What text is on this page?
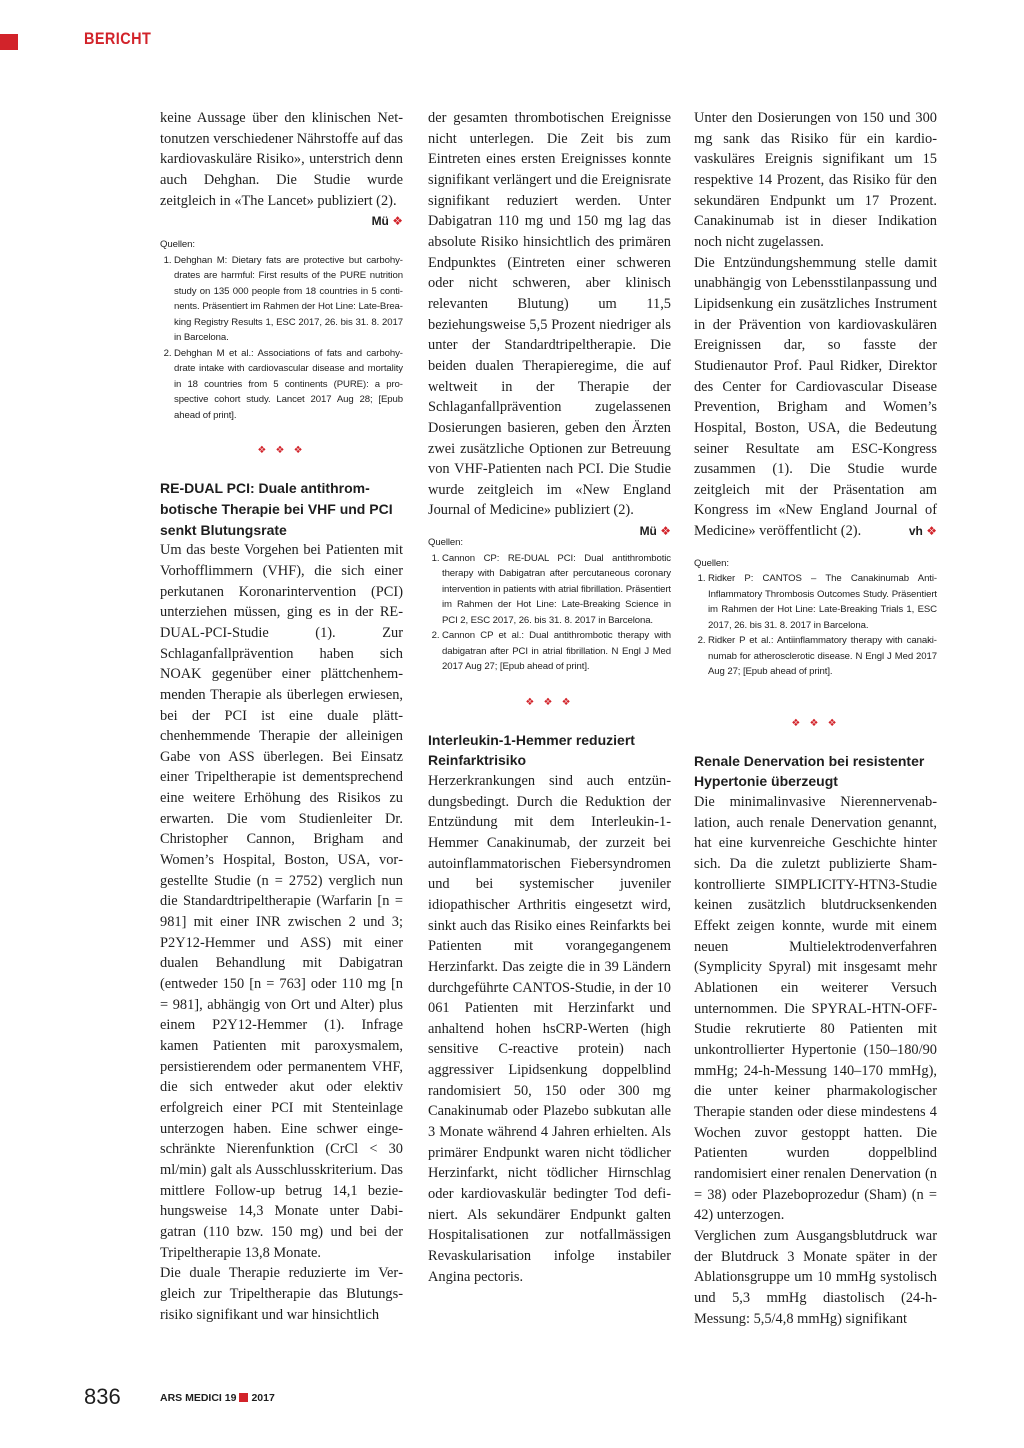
BERICHT

keine Aussage über den klinischen Nettonutzen verschiedener Nährstoffe auf das kardiovaskuläre Risiko», unterstrich denn auch Dehghan. Die Studie wurde zeitgleich in «The Lancet» publiziert (2).
Mü ❖

Quellen:

1. Dehghan M: Dietary fats are protective but carbohydrates are harmful: First results of the PURE nutrition study on 135 000 people from 18 countries in 5 continents. Präsentiert im Rahmen der Hot Line: Late-Breaking Registry Results 1, ESC 2017, 26. bis 31. 8. 2017 in Barcelona.
2. Dehghan M et al.: Associations of fats and carbohydrate intake with cardiovascular disease and mortality in 18 countries from 5 continents (PURE): a prospective cohort study. Lancet 2017 Aug 28; [Epub ahead of print].

❖ ❖ ❖

RE-DUAL PCI: Duale antithrombotische Therapie bei VHF und PCI senkt Blutungsrate

Um das beste Vorgehen bei Patienten mit Vorhofflimmern (VHF), die sich einer perkutanen Koronarintervention (PCI) unterziehen müssen, ging es in der RE-DUAL-PCI-Studie (1). Zur Schlaganfallprävention haben sich NOAK gegenüber einer plättchenhemmenden Therapie als überlegen erwiesen, bei der PCI ist eine duale plättchenhemmende Therapie der alleinigen Gabe von ASS überlegen. Bei Einsatz einer Tripeltherapie ist dementsprechend eine weitere Erhöhung des Risikos zu erwarten. Die vom Studienleiter Dr. Christopher Cannon, Brigham and Women’s Hospital, Boston, USA, vorgestellte Studie (n = 2752) verglich nun die Standardtripeltherapie (Warfarin [n = 981] mit einer INR zwischen 2 und 3; P2Y12-Hemmer und ASS) mit einer dualen Behandlung mit Dabigatran (entweder 150 [n = 763] oder 110 mg [n = 981], abhängig von Ort und Alter) plus einem P2Y12-Hemmer (1). Infrage kamen Patienten mit paroxysmalem, persistierendem oder permanentem VHF, die sich entweder akut oder elektiv erfolgreich einer PCI mit Stenteinlage unterzogen haben. Eine schwer eingeschränkte Nierenfunktion (CrCl < 30 ml/min) galt als Ausschlusskriterium. Das mittlere Follow-up betrug 14,1 beziehungsweise 14,3 Monate unter Dabigatran (110 bzw. 150 mg) und bei der Tripeltherapie 13,8 Monate.

Die duale Therapie reduzierte im Vergleich zur Tripeltherapie das Blutungsrisiko signifikant und war hinsichtlich

der gesamten thrombotischen Ereignisse nicht unterlegen. Die Zeit bis zum Eintreten eines ersten Ereignisses konnte signifikant verlängert und die Ereignisrate signifikant reduziert werden. Unter Dabigatran 110 mg und 150 mg lag das absolute Risiko hinsichtlich des primären Endpunktes (Eintreten einer schweren oder nicht schweren, aber klinisch relevanten Blutung) um 11,5 beziehungsweise 5,5 Prozent niedriger als unter der Standardtripeltherapie. Die beiden dualen Therapieregime, die auf weltweit in der Therapie der Schlaganfallprävention zugelassenen Dosierungen basieren, geben den Ärzten zwei zusätzliche Optionen zur Betreuung von VHF-Patienten nach PCI. Die Studie wurde zeitgleich im «New England Journal of Medicine» publiziert (2).
Mü ❖

Quellen:

1. Cannon CP: RE-DUAL PCI: Dual antithrombotic therapy with Dabigatran after percutaneous coronary intervention in patients with atrial fibrillation. Präsentiert im Rahmen der Hot Line: Late-Breaking Science in PCI 2, ESC 2017, 26. bis 31. 8. 2017 in Barcelona.
2. Cannon CP et al.: Dual antithrombotic therapy with dabigatran after PCI in atrial fibrillation. N Engl J Med 2017 Aug 27; [Epub ahead of print].

❖ ❖ ❖

Interleukin-1-Hemmer reduziert Reinfarktrisiko

Herzerkrankungen sind auch entzündungsbedingt. Durch die Reduktion der Entzündung mit dem Interleukin-1-Hemmer Canakinumab, der zurzeit bei autoinflammatorischen Fiebersyndromen und bei systemischer juveniler idiopathischer Arthritis eingesetzt wird, sinkt auch das Risiko eines Reinfarkts bei Patienten mit vorangegangenem Herzinfarkt. Das zeigte die in 39 Ländern durchgeführte CANTOS-Studie, in der 10 061 Patienten mit Herzinfarkt und anhaltend hohen hsCRP-Werten (high sensitive C-reactive protein) nach aggressiver Lipidsenkung doppelblind randomisiert 50, 150 oder 300 mg Canakinumab oder Plazebo subkutan alle 3 Monate während 4 Jahren erhielten. Als primärer Endpunkt waren nicht tödlicher Herzinfarkt, nicht tödlicher Hirnschlag oder kardiovaskulär bedingter Tod definiert. Als sekundärer Endpunkt galten Hospitalisationen zur notfallmässigen Revaskularisation infolge instabiler Angina pectoris.

Unter den Dosierungen von 150 und 300 mg sank das Risiko für ein kardiovaskuläres Ereignis signifikant um 15 respektive 14 Prozent, das Risiko für den sekundären Endpunkt um 17 Prozent. Canakinumab ist in dieser Indikation noch nicht zugelassen.

Die Entzündungshemmung stelle damit unabhängig von Lebensstilanpassung und Lipidsenkung ein zusätzliches Instrument in der Prävention von kardiovaskulären Ereignissen dar, so fasste der Studienautor Prof. Paul Ridker, Direktor des Center for Cardiovascular Disease Prevention, Brigham and Women’s Hospital, Boston, USA, die Bedeutung seiner Resultate am ESC-Kongress zusammen (1). Die Studie wurde zeitgleich mit der Präsentation am Kongress im «New England Journal of Medicine» veröffentlicht (2).	vh ❖

Quellen:

1. Ridker P: CANTOS – The Canakinumab Anti-Inflammatory Thrombosis Outcomes Study. Präsentiert im Rahmen der Hot Line: Late-Breaking Trials 1, ESC 2017, 26. bis 31. 8. 2017 in Barcelona.
2. Ridker P et al.: Antiinflammatory therapy with canakinumab for atherosclerotic disease. N Engl J Med 2017 Aug 27; [Epub ahead of print].

❖ ❖ ❖

Renale Denervation bei resistenter Hypertonie überzeugt

Die minimalinvasive Nierennervenablation, auch renale Denervation genannt, hat eine kurvenreiche Geschichte hinter sich. Da die zuletzt publizierte Sham-kontrollierte SIMPLICITY-HTN3-Studie keinen zusätzlich blutdrucksenkenden Effekt zeigen konnte, wurde mit einem neuen Multielektrodenverfahren (Symplicity Spyral) mit insgesamt mehr Ablationen ein weiterer Versuch unternommen. Die SPYRAL-HTN-OFF-Studie rekrutierte 80 Patienten mit unkontrollierter Hypertonie (150–180/90 mmHg; 24-h-Messung 140–170 mmHg), die unter keiner pharmakologischer Therapie standen oder diese mindestens 4 Wochen zuvor gestoppt hatten. Die Patienten wurden doppelblind randomisiert einer renalen Denervation (n = 38) oder Plazeboprozedur (Sham) (n = 42) unterzogen.

Verglichen zum Ausgangsblutdruck war der Blutdruck 3 Monate später in der Ablationsgruppe um 10 mmHg systolisch und 5,3 mmHg diastolisch (24-h-Messung: 5,5/4,8 mmHg) signifikant

836	ARS MEDICI 19 2017
